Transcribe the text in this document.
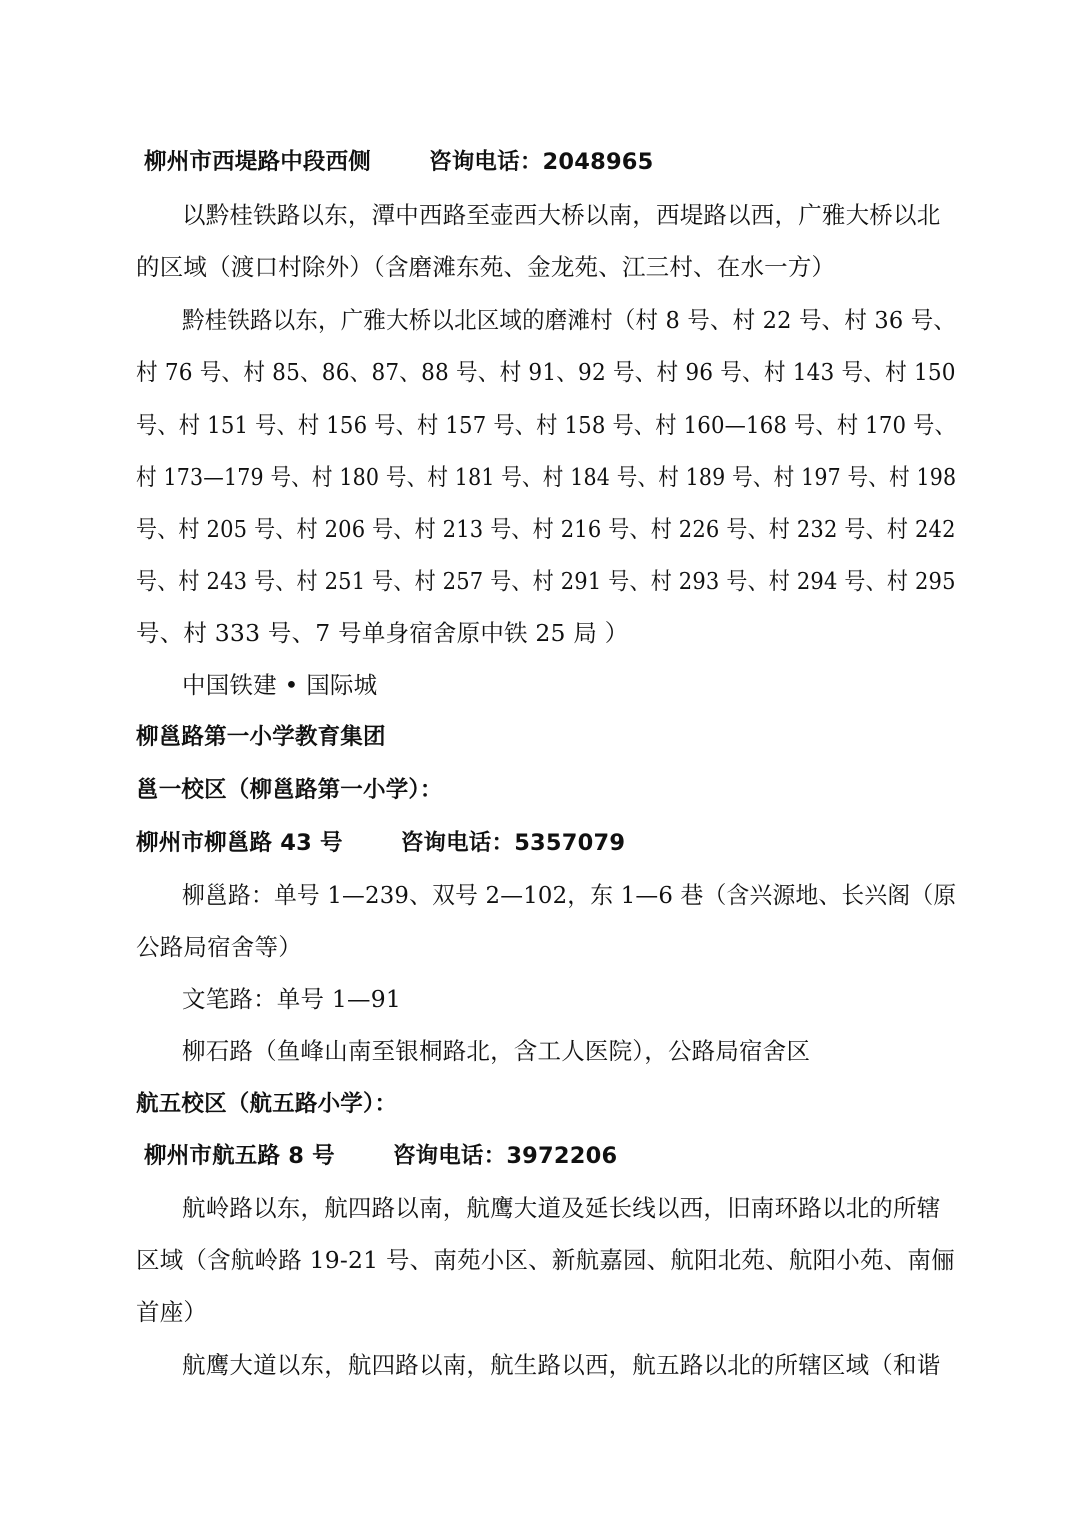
柳州市西堤路中段西侧	咨询电话：2048965
以黔桂铁路以东，潭中西路至壶西大桥以南，西堤路以西，广雅大桥以北
的区域（渡口村除外）（含磨滩东苑、金龙苑、江三村、在水一方）
黔桂铁路以东，广雅大桥以北区域的磨滩村（村 8 号、村 22 号、村 36 号、
村 76 号、村 85、86、87、88 号、村 91、92 号、村 96 号、村 143 号、村 150
号、村 151 号、村 156 号、村 157 号、村 158 号、村 160—168 号、村 170 号、
村 173—179 号、村 180 号、村 181 号、村 184 号、村 189 号、村 197 号、村 198
号、村 205 号、村 206 号、村 213 号、村 216 号、村 226 号、村 232 号、村 242
号、村 243 号、村 251 号、村 257 号、村 291 号、村 293 号、村 294 号、村 295
号、村 333 号、7 号单身宿舍原中铁 25 局 ）
中国铁建 • 国际城
柳邕路第一小学教育集团
邕一校区（柳邕路第一小学）：
柳州市柳邕路 43 号	咨询电话：5357079
柳邕路：单号 1—239、双号 2—102，东 1—6 巷（含兴源地、长兴阁（原
公路局宿舍等）
文笔路：单号 1—91
柳石路（鱼峰山南至银桐路北，含工人医院），公路局宿舍区
航五校区（航五路小学）：
柳州市航五路 8 号	咨询电话：3972206
航岭路以东，航四路以南，航鹰大道及延长线以西，旧南环路以北的所辖
区域（含航岭路 19-21 号、南苑小区、新航嘉园、航阳北苑、航阳小苑、南俪
首座）
航鹰大道以东，航四路以南，航生路以西，航五路以北的所辖区域（和谐
